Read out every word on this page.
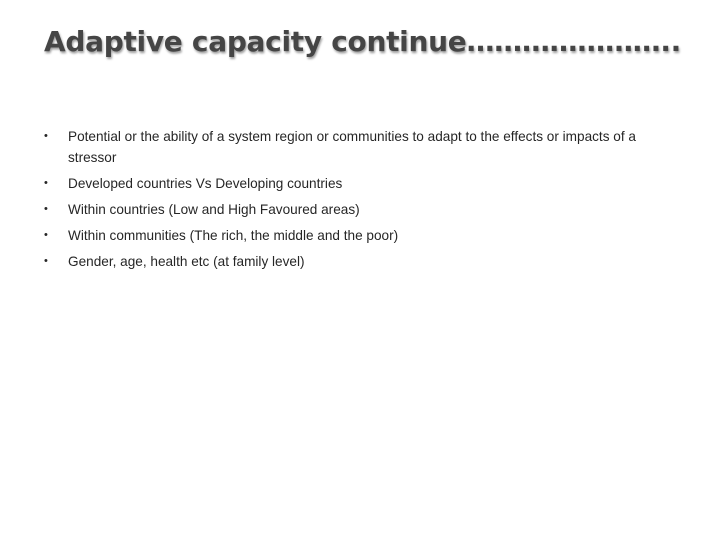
Adaptive capacity continue…………………..
•	Potential or the ability of a system region or communities to adapt to the effects or impacts of a stressor
•	Developed countries Vs Developing countries
•	Within countries (Low and High Favoured areas)
•	Within communities (The rich, the middle and the poor)
•	Gender, age, health etc (at family level)
